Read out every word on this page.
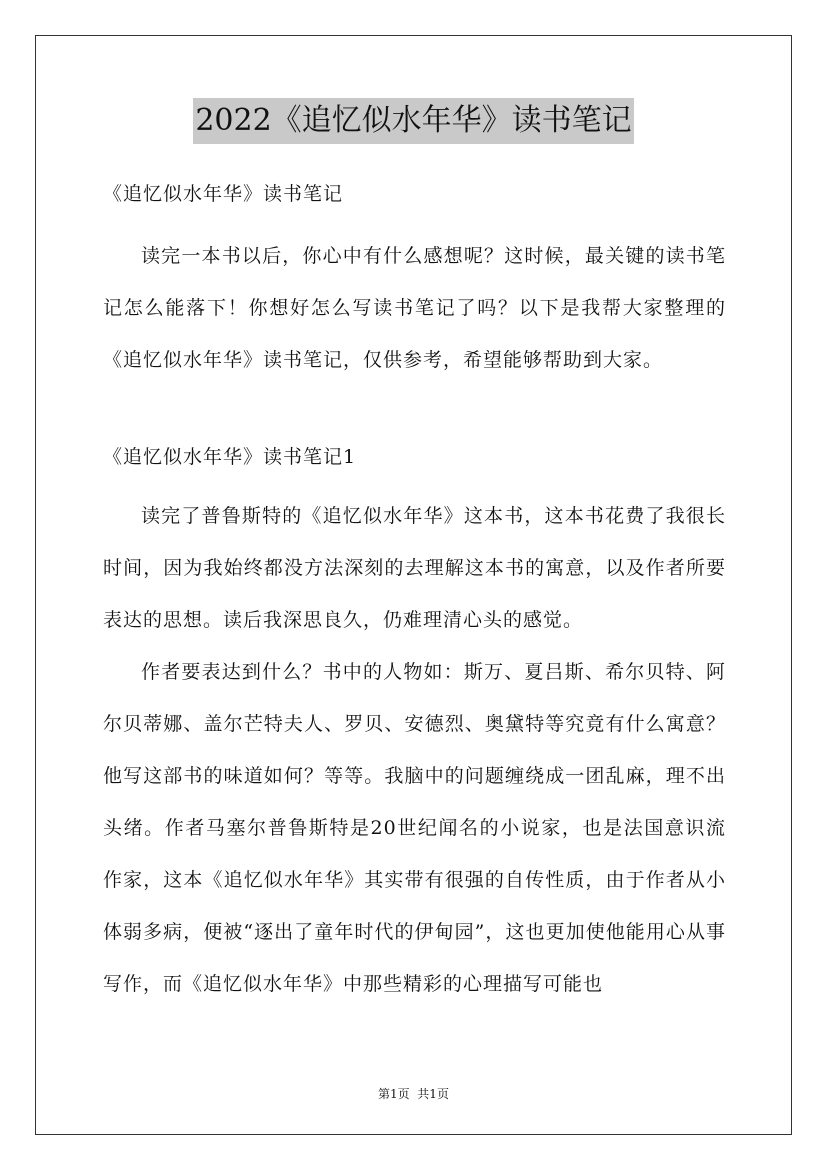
2022《追忆似水年华》读书笔记

《追忆似水年华》读书笔记

读完一本书以后，你心中有什么感想呢？这时候，最关键的读书笔记怎么能落下！你想好怎么写读书笔记了吗？以下是我帮大家整理的《追忆似水年华》读书笔记，仅供参考，希望能够帮助到大家。

《追忆似水年华》读书笔记1

读完了普鲁斯特的《追忆似水年华》这本书，这本书花费了我很长时间，因为我始终都没方法深刻的去理解这本书的寓意，以及作者所要表达的思想。读后我深思良久，仍难理清心头的感觉。

作者要表达到什么？书中的人物如：斯万、夏吕斯、希尔贝特、阿尔贝蒂娜、盖尔芒特夫人、罗贝、安德烈、奥黛特等究竟有什么寓意？他写这部书的味道如何？等等。我脑中的问题缠绕成一团乱麻，理不出头绪。作者马塞尔普鲁斯特是20世纪闻名的小说家，也是法国意识流作家，这本《追忆似水年华》其实带有很强的自传性质，由于作者从小体弱多病，便被“逐出了童年时代的伊甸园”，这也更加使他能用心从事写作，而《追忆似水年华》中那些精彩的心理描写可能也

第1页  共1页
